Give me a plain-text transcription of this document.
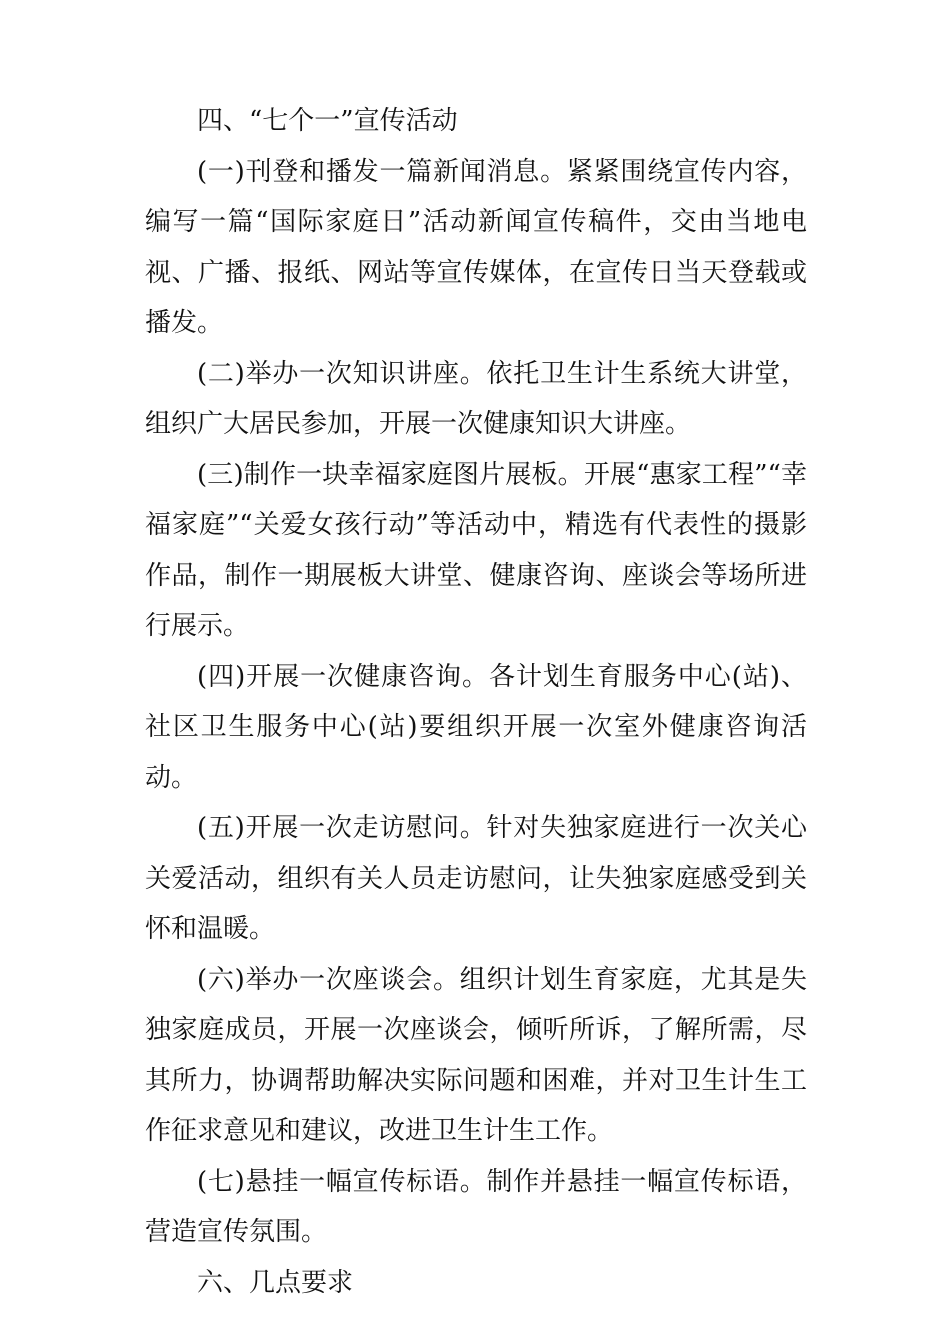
四、“七个一”宣传活动

(一)刊登和播发一篇新闻消息。紧紧围绕宣传内容，编写一篇“国际家庭日”活动新闻宣传稿件，交由当地电视、广播、报纸、网站等宣传媒体，在宣传日当天登载或播发。

(二)举办一次知识讲座。依托卫生计生系统大讲堂，组织广大居民参加，开展一次健康知识大讲座。

(三)制作一块幸福家庭图片展板。开展“惠家工程”“幸福家庭”“关爱女孩行动”等活动中，精选有代表性的摄影作品，制作一期展板大讲堂、健康咨询、座谈会等场所进行展示。

(四)开展一次健康咨询。各计划生育服务中心(站)、社区卫生服务中心(站)要组织开展一次室外健康咨询活动。

(五)开展一次走访慰问。针对失独家庭进行一次关心关爱活动，组织有关人员走访慰问，让失独家庭感受到关怀和温暖。

(六)举办一次座谈会。组织计划生育家庭，尤其是失独家庭成员，开展一次座谈会，倾听所诉，了解所需，尽其所力，协调帮助解决实际问题和困难，并对卫生计生工作征求意见和建议，改进卫生计生工作。

(七)悬挂一幅宣传标语。制作并悬挂一幅宣传标语，营造宣传氛围。

六、几点要求
